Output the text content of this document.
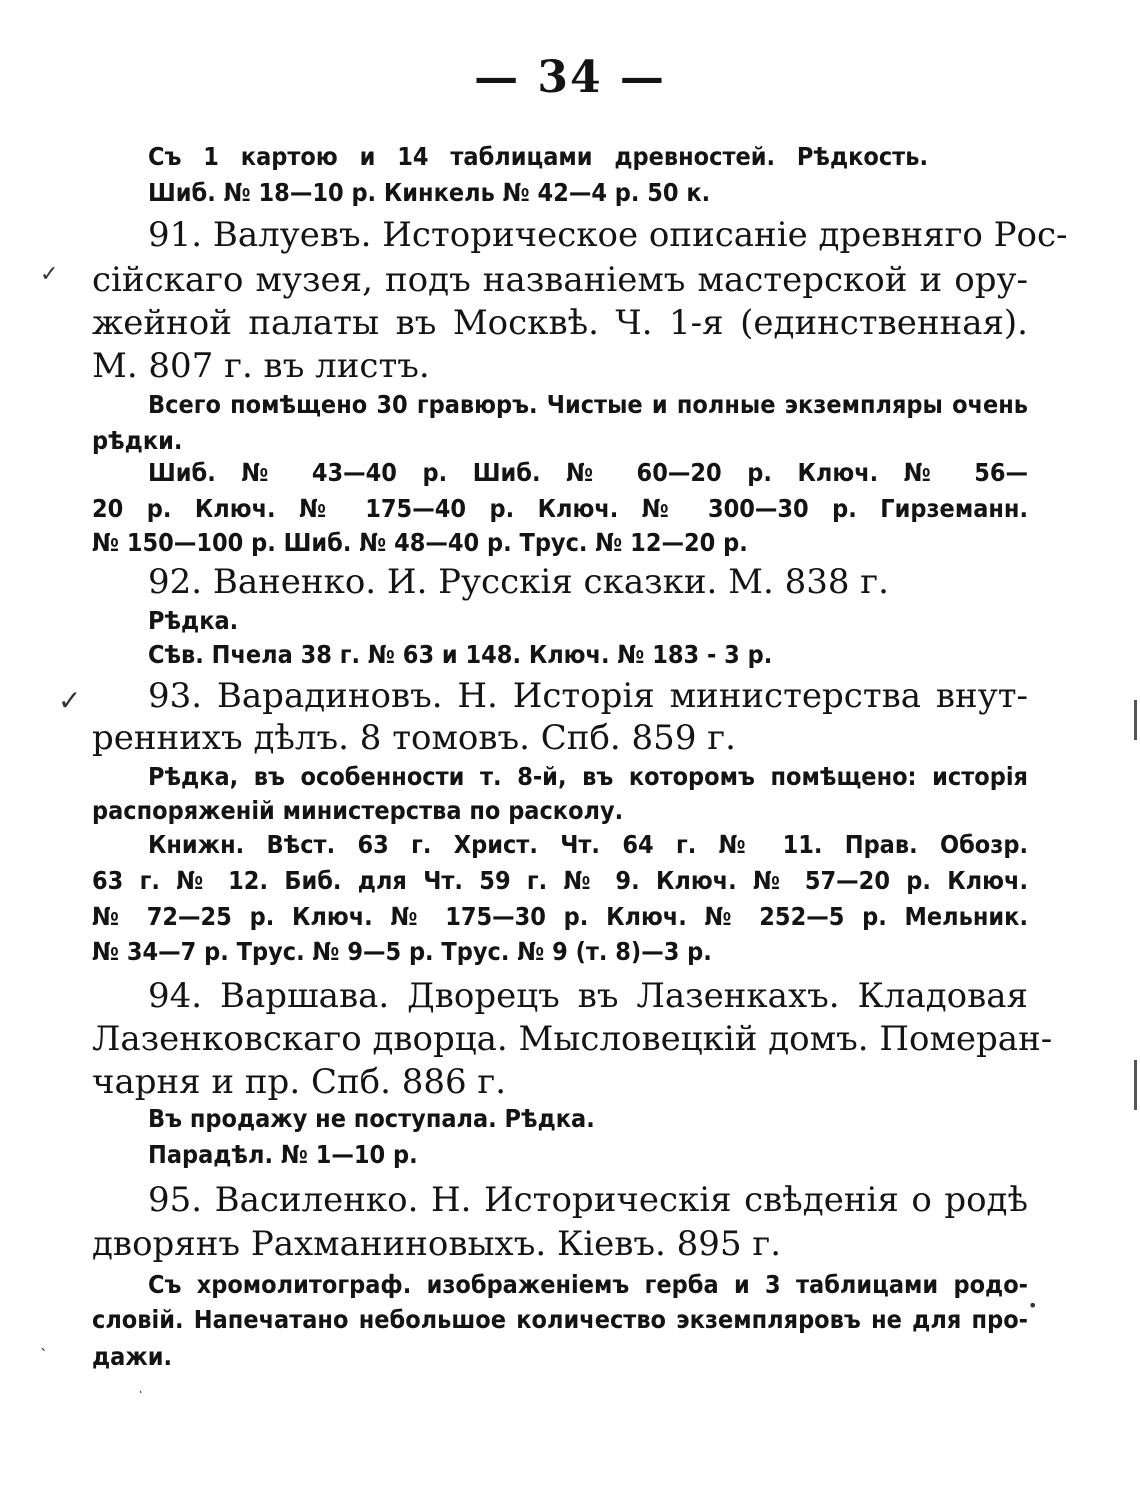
— 34 —
Съ 1 картою и 14 таблицами древностей. Рѣдкость.
Шиб. № 18—10 р. Кинкель № 42—4 р. 50 к.
91. Валуевъ. Историческое описаніе древняго Рос-
сійскаго музея, подъ названіемъ мастерской и ору-
жейной палаты въ Москвѣ. Ч. 1-я (единственная).
М. 807 г. въ листъ.
Всего помѣщено 30 гравюръ. Чистые и полные экземпляры очень
рѣдки.
Шиб. № 43—40 р. Шиб. № 60—20 р. Ключ. № 56—
20 р. Ключ. № 175—40 р. Ключ. № 300—30 р. Гирземанн.
№ 150—100 р. Шиб. № 48—40 р. Трус. № 12—20 р.
92. Ваненко. И. Русскія сказки. М. 838 г.
Рѣдка.
Сѣв. Пчела 38 г. № 63 и 148. Ключ. № 183 - 3 р.
93. Варадиновъ. Н. Исторія министерства внут-
реннихъ дѣлъ. 8 томовъ. Спб. 859 г.
Рѣдка, въ особенности т. 8-й, въ которомъ помѣщено: исторія
распоряженій министерства по расколу.
Книжн. Вѣст. 63 г. Христ. Чт. 64 г. № 11. Прав. Обозр.
63 г. № 12. Биб. для Чт. 59 г. № 9. Ключ. № 57—20 р. Ключ.
№ 72—25 р. Ключ. № 175—30 р. Ключ. № 252—5 р. Мельник.
№ 34—7 р. Трус. № 9—5 р. Трус. № 9 (т. 8)—3 р.
94. Варшава. Дворецъ въ Лазенкахъ. Кладовая
Лазенковскаго дворца. Мысловецкій домъ. Померан-
чарня и пр. Спб. 886 г.
Въ продажу не поступала. Рѣдка.
Парадѣл. № 1—10 р.
95. Василенко. Н. Историческія свѣденія о родѣ
дворянъ Рахманиновыхъ. Кіевъ. 895 г.
Съ хромолитограф. изображеніемъ герба и 3 таблицами родо-
словій. Напечатано небольшое количество экземпляровъ не для про-
дажи.
✓
✓
`
•
